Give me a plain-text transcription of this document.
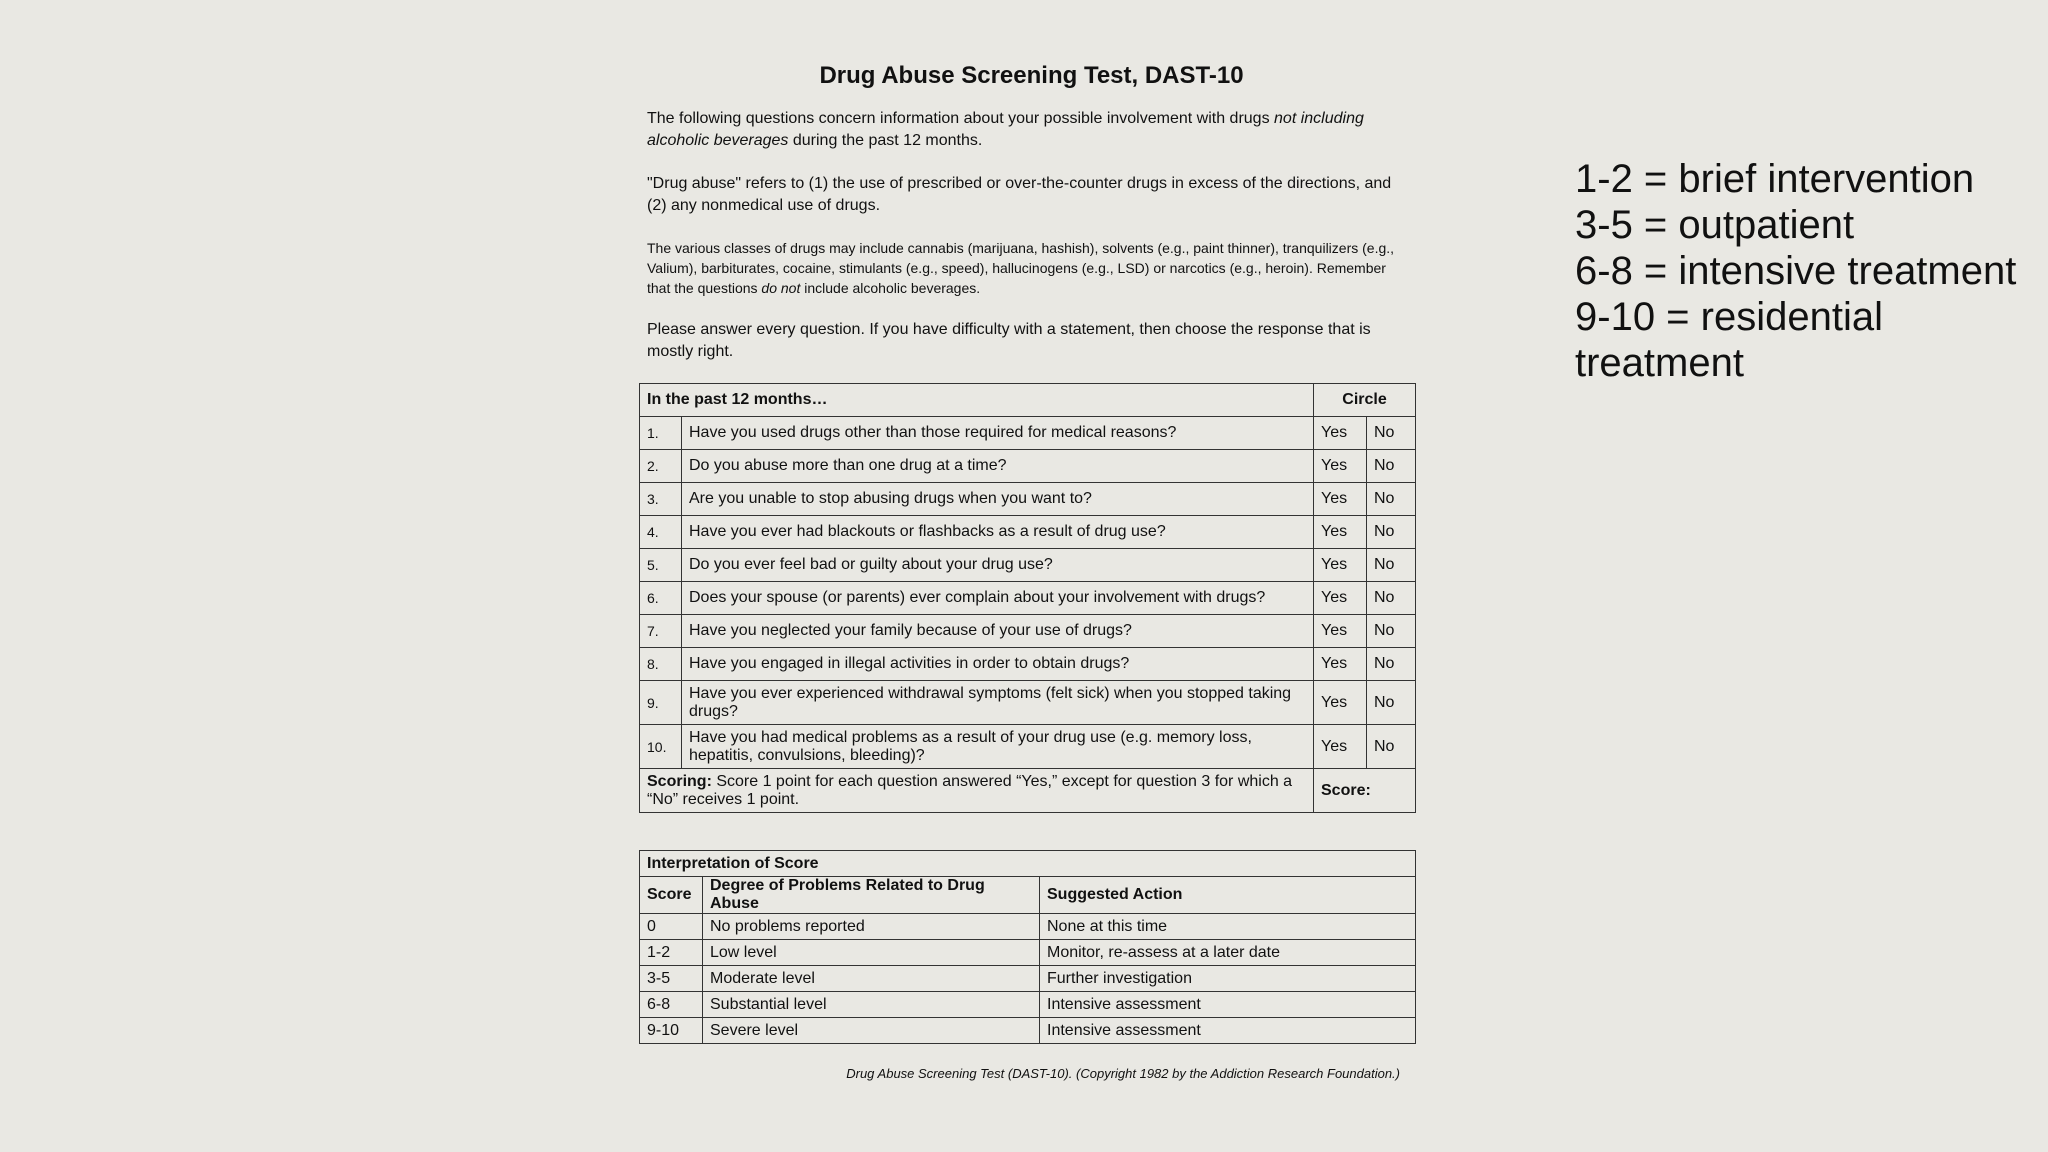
Drug Abuse Screening Test, DAST-10

The following questions concern information about your possible involvement with drugs not including alcoholic beverages during the past 12 months.

"Drug abuse" refers to (1) the use of prescribed or over-the-counter drugs in excess of the directions, and (2) any nonmedical use of drugs.

The various classes of drugs may include cannabis (marijuana, hashish), solvents (e.g., paint thinner), tranquilizers (e.g., Valium), barbiturates, cocaine, stimulants (e.g., speed), hallucinogens (e.g., LSD) or narcotics (e.g., heroin). Remember that the questions do not include alcoholic beverages.

Please answer every question. If you have difficulty with a statement, then choose the response that is mostly right.

In the past 12 months…		Circle	
1.	Have you used drugs other than those required for medical reasons?	Yes	No
2.	Do you abuse more than one drug at a time?	Yes	No
3.	Are you unable to stop abusing drugs when you want to?	Yes	No
4.	Have you ever had blackouts or flashbacks as a result of drug use?	Yes	No
5.	Do you ever feel bad or guilty about your drug use?	Yes	No
6.	Does your spouse (or parents) ever complain about your involvement with drugs?	Yes	No
7.	Have you neglected your family because of your use of drugs?	Yes	No
8.	Have you engaged in illegal activities in order to obtain drugs?	Yes	No
9.	Have you ever experienced withdrawal symptoms (felt sick) when you stopped taking drugs?	Yes	No
10.	Have you had medical problems as a result of your drug use (e.g. memory loss, hepatitis, convulsions, bleeding)?	Yes	No
Scoring: Score 1 point for each question answered “Yes,” except for question 3 for which a “No” receives 1 point.		Score:	
Interpretation of Score		
Score	Degree of Problems Related to Drug Abuse	Suggested Action
0	No problems reported	None at this time
1-2	Low level	Monitor, re-assess at a later date
3-5	Moderate level	Further investigation
6-8	Substantial level	Intensive assessment
9-10	Severe level	Intensive assessment
Drug Abuse Screening Test (DAST-10). (Copyright 1982 by the Addiction Research Foundation.)
1-2 = brief intervention
3-5 = outpatient
6-8 = intensive treatment
9-10 = residential treatment
